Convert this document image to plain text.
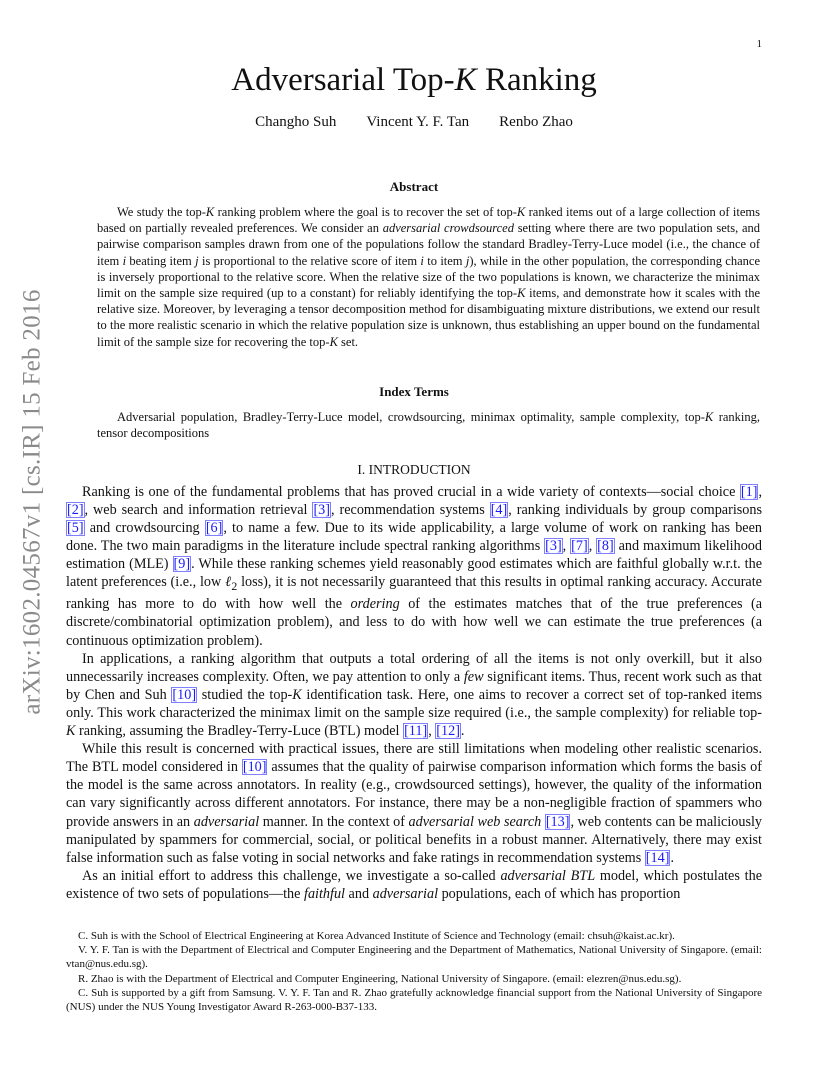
1
arXiv:1602.04567v1 [cs.IR] 15 Feb 2016
Adversarial Top-K Ranking
Changho Suh Vincent Y. F. Tan Renbo Zhao
Abstract

We study the top-K ranking problem where the goal is to recover the set of top-K ranked items out of a large collection of items based on partially revealed preferences. We consider an adversarial crowdsourced setting where there are two population sets, and pairwise comparison samples drawn from one of the populations follow the standard Bradley-Terry-Luce model (i.e., the chance of item i beating item j is proportional to the relative score of item i to item j), while in the other population, the corresponding chance is inversely proportional to the relative score. When the relative size of the two populations is known, we characterize the minimax limit on the sample size required (up to a constant) for reliably identifying the top-K items, and demonstrate how it scales with the relative size. Moreover, by leveraging a tensor decomposition method for disambiguating mixture distributions, we extend our result to the more realistic scenario in which the relative population size is unknown, thus establishing an upper bound on the fundamental limit of the sample size for recovering the top-K set.

Index Terms

Adversarial population, Bradley-Terry-Luce model, crowdsourcing, minimax optimality, sample complexity, top-K ranking, tensor decompositions

I. INTRODUCTION

Ranking is one of the fundamental problems that has proved crucial in a wide variety of contexts—social choice [1], [2], web search and information retrieval [3], recommendation systems [4], ranking individuals by group comparisons [5] and crowdsourcing [6], to name a few. Due to its wide applicability, a large volume of work on ranking has been done. The two main paradigms in the literature include spectral ranking algorithms [3], [7], [8] and maximum likelihood estimation (MLE) [9]. While these ranking schemes yield reasonably good estimates which are faithful globally w.r.t. the latent preferences (i.e., low ℓ$_2$ loss), it is not necessarily guaranteed that this results in optimal ranking accuracy. Accurate ranking has more to do with how well the ordering of the estimates matches that of the true preferences (a discrete/combinatorial optimization problem), and less to do with how well we can estimate the true preferences (a continuous optimization problem).

In applications, a ranking algorithm that outputs a total ordering of all the items is not only overkill, but it also unnecessarily increases complexity. Often, we pay attention to only a few significant items. Thus, recent work such as that by Chen and Suh [10] studied the top-K identification task. Here, one aims to recover a correct set of top-ranked items only. This work characterized the minimax limit on the sample size required (i.e., the sample complexity) for reliable top-K ranking, assuming the Bradley-Terry-Luce (BTL) model [11], [12].

While this result is concerned with practical issues, there are still limitations when modeling other realistic scenarios. The BTL model considered in [10] assumes that the quality of pairwise comparison information which forms the basis of the model is the same across annotators. In reality (e.g., crowdsourced settings), however, the quality of the information can vary significantly across different annotators. For instance, there may be a non-negligible fraction of spammers who provide answers in an adversarial manner. In the context of adversarial web search [13], web contents can be maliciously manipulated by spammers for commercial, social, or political benefits in a robust manner. Alternatively, there may exist false information such as false voting in social networks and fake ratings in recommendation systems [14].

As an initial effort to address this challenge, we investigate a so-called adversarial BTL model, which postulates the existence of two sets of populations—the faithful and adversarial populations, each of which has proportion

C. Suh is with the School of Electrical Engineering at Korea Advanced Institute of Science and Technology (email: chsuh@kaist.ac.kr).

V. Y. F. Tan is with the Department of Electrical and Computer Engineering and the Department of Mathematics, National University of Singapore. (email: vtan@nus.edu.sg).

R. Zhao is with the Department of Electrical and Computer Engineering, National University of Singapore. (email: elezren@nus.edu.sg).

C. Suh is supported by a gift from Samsung. V. Y. F. Tan and R. Zhao gratefully acknowledge financial support from the National University of Singapore (NUS) under the NUS Young Investigator Award R-263-000-B37-133.
